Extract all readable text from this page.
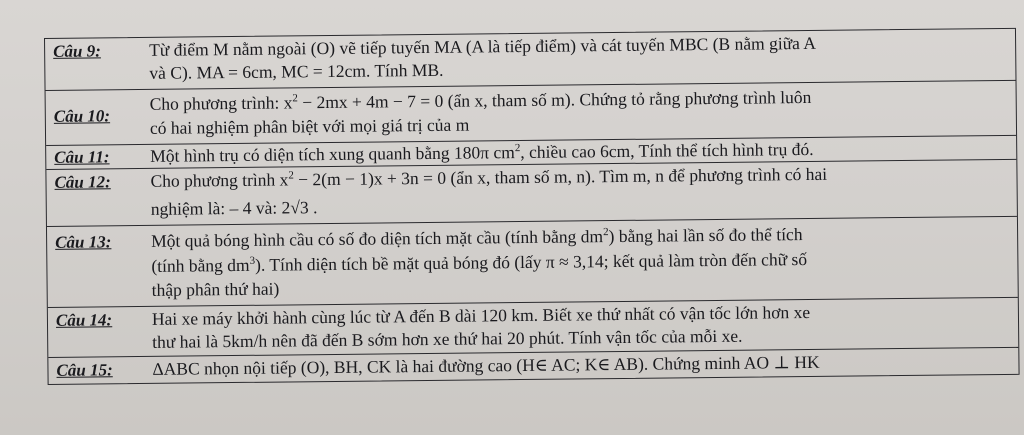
Câu 9:	Từ điểm M nằm ngoài (O) vẽ tiếp tuyến MA (A là tiếp điểm) và cát tuyến MBC (B nằm giữa A
và C). MA = 6cm, MC = 12cm. Tính MB.
Câu 10:
Cho phương trình: $x^2 - 2mx + 4m - 7 = 0$ (ẩn x, tham số m). Chứng tỏ rằng phương trình luôn
có hai nghiệm phân biệt với mọi giá trị của m
Câu 11: Một hình trụ có diện tích xung quanh bằng 180π $cm^2$, chiều cao 6cm, Tính thể tích hình trụ đó.
Câu 12: Cho phương trình $x^2 - 2(m - 1)x + 3n = 0$ (ẩn x, tham số m, n). Tìm m, n để phương trình có hai
nghiệm là: – 4 và: 2√3 .
Câu 13: Một quả bóng hình cầu có số đo diện tích mặt cầu (tính bằng $dm^2$) bằng hai lần số đo thể tích
(tính bằng $dm^3$). Tính diện tích bề mặt quả bóng đó (lấy π ≈ 3,14; kết quả làm tròn đến chữ số
thập phân thứ hai)
Câu 14: Hai xe máy khởi hành cùng lúc từ A đến B dài 120 km. Biết xe thứ nhất có vận tốc lớn hơn xe
thư hai là 5km/h nên đã đến B sớm hơn xe thứ hai 20 phút. Tính vận tốc của mỗi xe.
Câu 15: ΔABC nhọn nội tiếp (O), BH, CK là hai đường cao (H∈ AC; K∈ AB). Chứng minh AO ⊥ HK
